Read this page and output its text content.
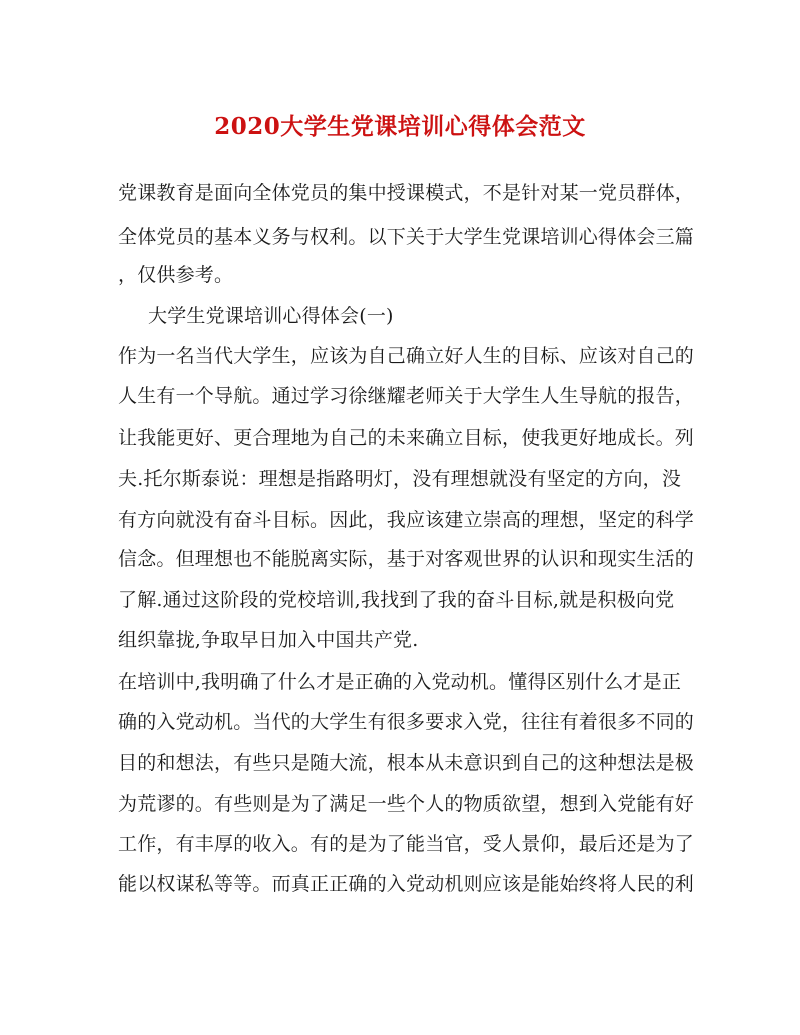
2020大学生党课培训心得体会范文
党课教育是面向全体党员的集中授课模式，不是针对某一党员群体，
全体党员的基本义务与权利。以下关于大学生党课培训心得体会三篇
，仅供参考。
大学生党课培训心得体会(一)
作为一名当代大学生，应该为自己确立好人生的目标、应该对自己的
人生有一个导航。通过学习徐继耀老师关于大学生人生导航的报告，
让我能更好、更合理地为自己的未来确立目标，使我更好地成长。列
夫.托尔斯泰说：理想是指路明灯，没有理想就没有坚定的方向，没
有方向就没有奋斗目标。因此，我应该建立崇高的理想，坚定的科学
信念。但理想也不能脱离实际，基于对客观世界的认识和现实生活的
了解.通过这阶段的党校培训,我找到了我的奋斗目标,就是积极向党
组织靠拢,争取早日加入中国共产党.
在培训中,我明确了什么才是正确的入党动机。懂得区别什么才是正
确的入党动机。当代的大学生有很多要求入党，往往有着很多不同的
目的和想法，有些只是随大流，根本从未意识到自己的这种想法是极
为荒谬的。有些则是为了满足一些个人的物质欲望，想到入党能有好
工作，有丰厚的收入。有的是为了能当官，受人景仰，最后还是为了
能以权谋私等等。而真正正确的入党动机则应该是能始终将人民的利
